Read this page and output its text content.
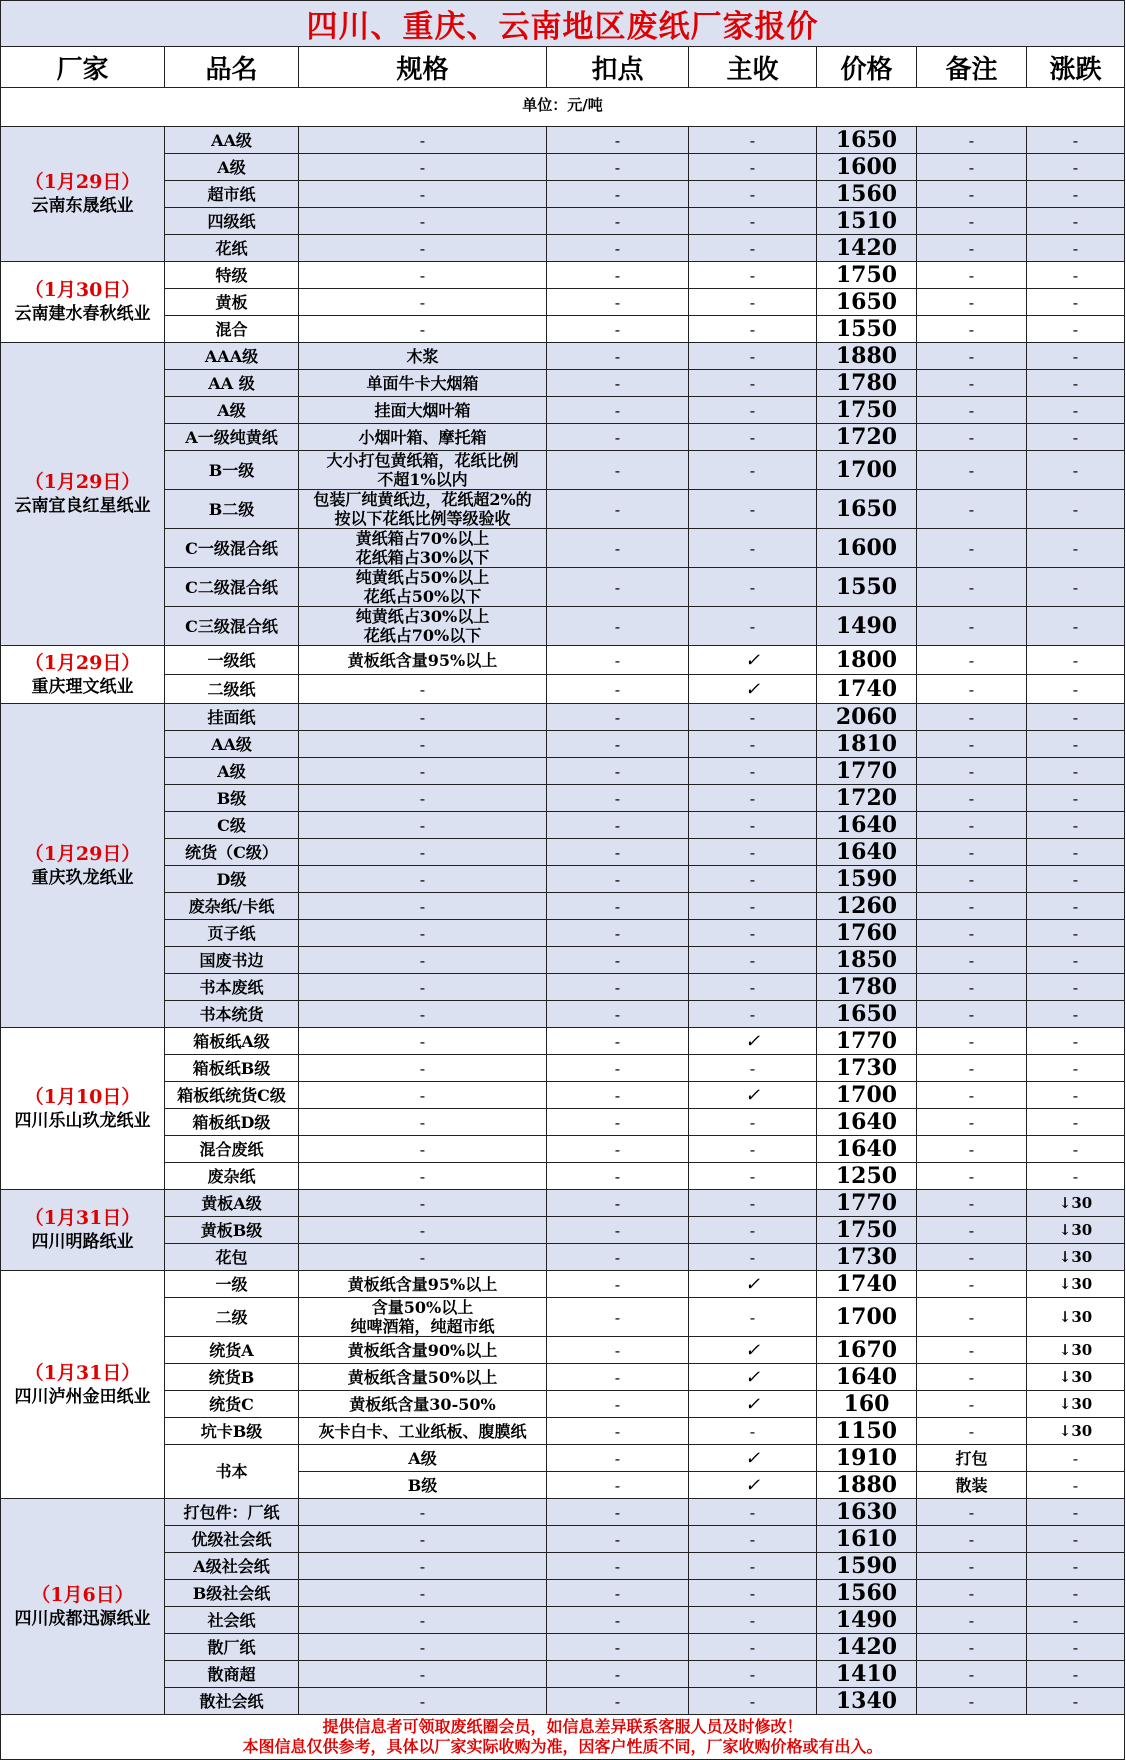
四川、重庆、云南地区废纸厂家报价							
厂家	品名	规格	扣点	主收	价格	备注	涨跌
单位：元/吨							

（1月29日）
云南东晟纸业	AA级	-	-	-	1650	-	-
	A级	-	-	-	1600	-	-
	超市纸	-	-	-	1560	-	-
	四级纸	-	-	-	1510	-	-
	花纸	-	-	-	1420	-	-

（1月30日）
云南建水春秋纸业	特级	-	-	-	1750	-	-
	黄板	-	-	-	1650	-	-
	混合	-	-	-	1550	-	-

（1月29日）
云南宜良红星纸业	AAA级	木浆	-	-	1880	-	-
	AA 级	单面牛卡大烟箱	-	-	1780	-	-
	A级	挂面大烟叶箱	-	-	1750	-	-
	A一级纯黄纸	小烟叶箱、摩托箱	-	-	1720	-	-
	B一级	大小打包黄纸箱，花纸比例
不超1%以内	-	-	1700	-	-
	B二级	包装厂纯黄纸边，花纸超2%的
按以下花纸比例等级验收	-	-	1650	-	-
	C一级混合纸	黄纸箱占70%以上
花纸箱占30%以下	-	-	1600	-	-
	C二级混合纸	纯黄纸占50%以上
花纸占50%以下	-	-	1550	-	-
	C三级混合纸	纯黄纸占30%以上
花纸占70%以下	-	-	1490	-	-

（1月29日）
重庆理文纸业	一级纸	黄板纸含量95%以上	-	✓	1800	-	-
	二级纸	-	-	✓	1740	-	-

（1月29日）
重庆玖龙纸业	挂面纸	-	-	-	2060	-	-
	AA级	-	-	-	1810	-	-
	A级	-	-	-	1770	-	-
	B级	-	-	-	1720	-	-
	C级	-	-	-	1640	-	-
	统货（C级）	-	-	-	1640	-	-
	D级	-	-	-	1590	-	-
	废杂纸/卡纸	-	-	-	1260	-	-
	页子纸	-	-	-	1760	-	-
	国废书边	-	-	-	1850	-	-
	书本废纸	-	-	-	1780	-	-
	书本统货	-	-	-	1650	-	-

（1月10日）
四川乐山玖龙纸业	箱板纸A级	-	-	✓	1770	-	-
	箱板纸B级	-	-	-	1730	-	-
	箱板纸统货C级	-	-	✓	1700	-	-
	箱板纸D级	-	-	-	1640	-	-
	混合废纸	-	-	-	1640	-	-
	废杂纸	-	-	-	1250	-	-

（1月31日）
四川明路纸业	黄板A级	-	-	-	1770	-	↓30
	黄板B级	-	-	-	1750	-	↓30
	花包	-	-	-	1730	-	↓30

（1月31日）
四川泸州金田纸业	一级	黄板纸含量95%以上	-	✓	1740	-	↓30
	二级	含量50%以上
纯啤酒箱，纯超市纸	-	-	1700	-	↓30
	统货A	黄板纸含量90%以上	-	✓	1670	-	↓30
	统货B	黄板纸含量50%以上	-	✓	1640	-	↓30
	统货C	黄板纸含量30-50%	-	✓	160	-	↓30
	坑卡B级	灰卡白卡、工业纸板、腹膜纸	-	-	1150	-	↓30
	书本	A级	-	✓	1910	打包	-
		B级	-	✓	1880	散装	-

（1月6日）
四川成都迅源纸业	打包件：厂纸	-	-	-	1630	-	-
	优级社会纸	-	-	-	1610	-	-
	A级社会纸	-	-	-	1590	-	-
	B级社会纸	-	-	-	1560	-	-
	社会纸	-	-	-	1490	-	-
	散厂纸	-	-	-	1420	-	-
	散商超	-	-	-	1410	-	-
	散社会纸	-	-	-	1340	-	-

提供信息者可领取废纸圈会员，如信息差异联系客服人员及时修改！
本图信息仅供参考，具体以厂家实际收购为准，因客户性质不同，厂家收购价格或有出入。							
